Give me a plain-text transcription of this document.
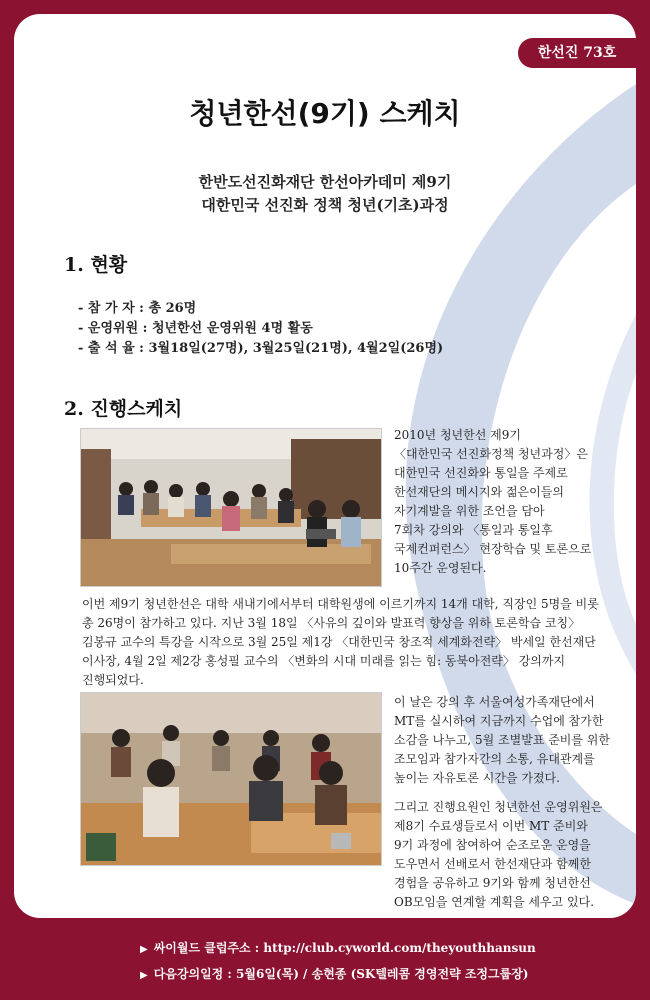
한선진 73호
청년한선(9기) 스케치
한반도선진화재단 한선아카데미 제9기
대한민국 선진화 정책 청년(기초)과정
1. 현황
- 참 가 자 : 총 26명
- 운영위원 : 청년한선 운영위원 4명 활동
- 출 석 율 : 3월18일(27명), 3월25일(21명), 4월2일(26명)
2. 진행스케치
2010년 청년한선 제9기
〈대한민국 선진화정책 청년과정〉은
대한민국 선진화와 통일을 주제로
한선재단의 메시지와 젊은이들의
자기계발을 위한 조언을 담아
7회차 강의와 〈통일과 통일후
국제컨퍼런스〉 현장학습 및 토론으로
10주간 운영된다.
이번 제9기 청년한선은 대학 새내기에서부터 대학원생에 이르기까지 14개 대학, 직장인 5명을 비롯
총 26명이 참가하고 있다. 지난 3월 18일 〈사유의 깊이와 발표력 향상을 위하 토론학습 코칭〉
김봉규 교수의 특강을 시작으로 3월 25일 제1강 〈대한민국 창조적 세계화전략〉 박세일 한선재단
이사장, 4월 2일 제2강 홍성필 교수의 〈변화의 시대 미래를 읽는 힘: 동북아전략〉 강의까지
진행되었다.
이 날은 강의 후 서울여성가족재단에서
MT를 실시하여 지금까지 수업에 참가한
소감을 나누고, 5월 조별발표 준비를 위한
조모임과 참가자간의 소통, 유대관계를
높이는 자유토론 시간을 가졌다.
그리고 진행요원인 청년한선 운영위원은
제8기 수료생들로서 이번 MT 준비와
9기 과정에 참여하여 순조로운 운영을
도우면서 선배로서 한선재단과 함께한
경험을 공유하고 9기와 함께 청년한선
OB모임을 연계할 계획을 세우고 있다.
▶ 싸이월드 클럽주소 : http://club.cyworld.com/theyouthhansun
▶ 다음강의일정 : 5월6일(목) / 송현종 (SK텔레콤 경영전략 조정그룹장)
